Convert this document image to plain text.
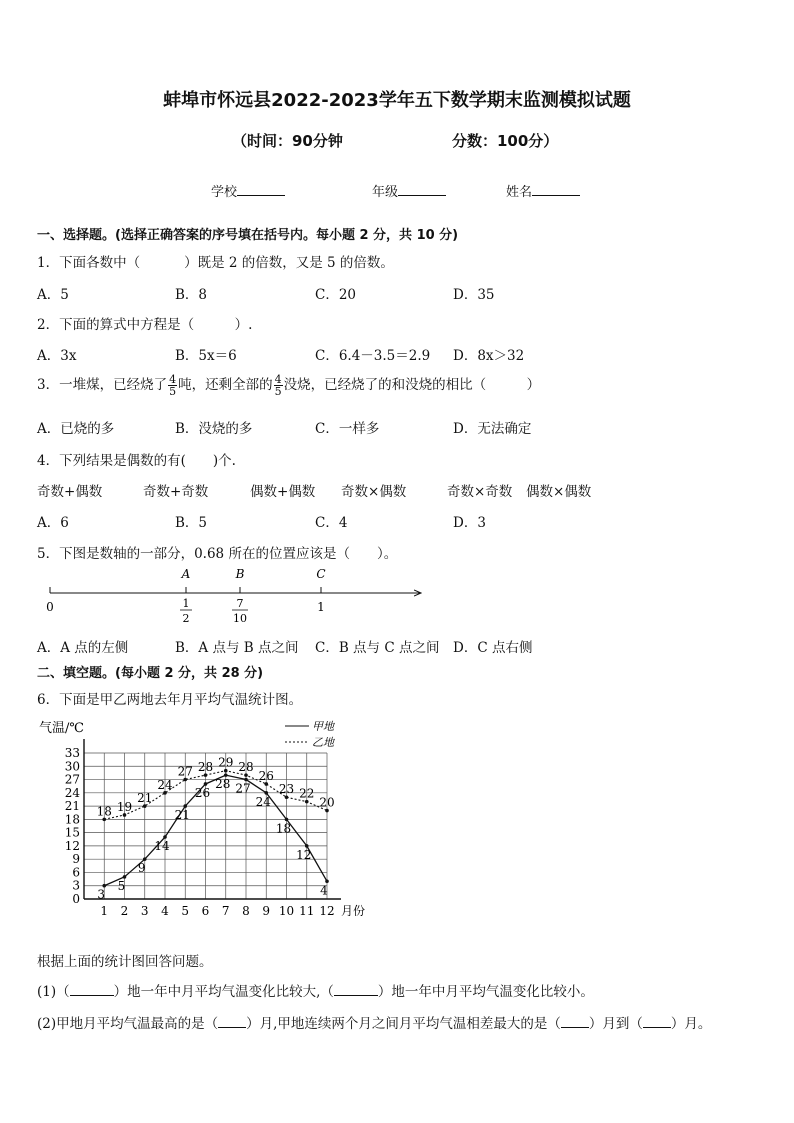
蚌埠市怀远县2022-2023学年五下数学期末监测模拟试题
（时间：90分钟	分数：100分）
学校	年级	姓名
一、选择题。(选择正确答案的序号填在括号内。每小题 2 分，共 10 分)
1．下面各数中（	）既是 2 的倍数，又是 5 的倍数。
A．5	B．8	C．20	D．35
2．下面的算式中方程是（　　　）.
A．3x	B．5x＝6	C．6.4－3.5＝2.9 D．8x＞32
3．一堆煤，已经烧了 $\frac{4}{5}$ 吨，还剩全部的 $\frac{4}{5}$ 没烧，已经烧了的和没烧的相比（　　　）
A．已烧的多	B．没烧的多	C．一样多	D．无法确定
4．下列结果是偶数的有(　　)个.
奇数+偶数	奇数+奇数	偶数+偶数 奇数×偶数	奇数×奇数 偶数×偶数
A．6	B．5	C．4	D．3
5．下图是数轴的一部分，0.68 所在的位置应该是（　　）。
A	B	C
0	1
2
7
10
1
A．A 点的左侧	B．A 点与 B 点之间 C．B 点与 C 点之间 D．C 点右侧
二、填空题。(每小题 2 分，共 28 分)
6．下面是甲乙两地去年月平均气温统计图。
0
3
6
9
12
15
18
21
24
27
30
33
1 2 3 4 5 6 7 8 9 10 11 12
气温/℃
月份
甲地
乙地
3
5
9
14
21
26
28 27
24
18
12
4
18 19
21
24
27 28 29 28
26
23 22
20
根据上面的统计图回答问题。
(1)（	）地一年中月平均气温变化比较大,（	）地一年中月平均气温变化比较小。
(2)甲地月平均气温最高的是（ ）月,甲地连续两个月之间月平均气温相差最大的是（ ）月到（ ）月。
